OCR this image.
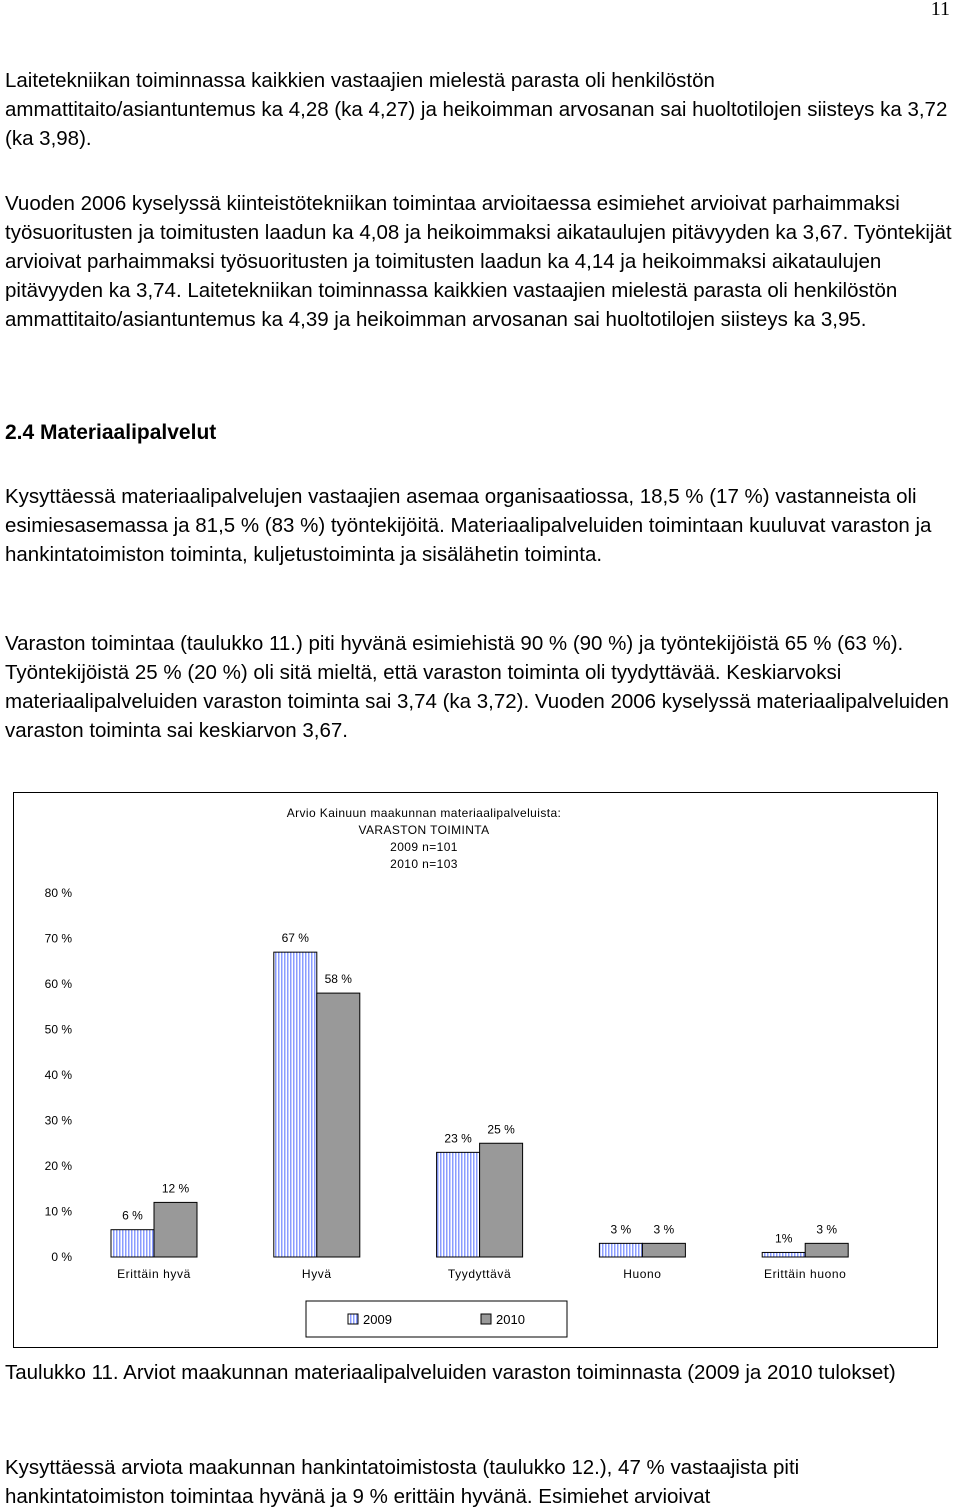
11

Laitetekniikan toiminnassa kaikkien vastaajien mielestä parasta oli henkilöstön ammattitaito/asiantuntemus ka 4,28 (ka 4,27) ja heikoimman arvosanan sai huoltotilojen siisteys ka 3,72 (ka 3,98).

Vuoden 2006 kyselyssä kiinteistötekniikan toimintaa arvioitaessa esimiehet arvioivat parhaimmaksi työsuoritusten ja toimitusten laadun ka 4,08 ja heikoimmaksi aikataulujen pitävyyden ka 3,67. Työntekijät arvioivat parhaimmaksi työsuoritusten ja toimitusten laadun ka 4,14 ja heikoimmaksi aikataulujen pitävyyden ka 3,74. Laitetekniikan toiminnassa kaikkien vastaajien mielestä parasta oli henkilöstön ammattitaito/asiantuntemus ka 4,39 ja heikoimman arvosanan sai huoltotilojen siisteys ka 3,95.

2.4 Materiaalipalvelut

Kysyttäessä materiaalipalvelujen vastaajien asemaa organisaatiossa, 18,5 % (17 %) vastanneista oli esimiesasemassa ja 81,5 % (83 %) työntekijöitä. Materiaalipalveluiden toimintaan kuuluvat varaston ja hankintatoimiston toiminta, kuljetustoiminta ja sisälähetin toiminta.

Varaston toimintaa (taulukko 11.) piti hyvänä esimiehistä 90 % (90 %) ja työntekijöistä 65 % (63 %). Työntekijöistä 25 % (20 %) oli sitä mieltä, että varaston toiminta oli tyydyttävää. Keskiarvoksi materiaalipalveluiden varaston toiminta sai 3,74 (ka 3,72). Vuoden 2006 kyselyssä materiaalipalveluiden varaston toiminta sai keskiarvon 3,67.

Arvio Kainuun maakunnan materiaalipalveluista:
VARASTON TOIMINTA
2009 n=101
2010 n=103
0 %
10 %
20 %
30 %
40 %
50 %
60 %
70 %
80 %
6 %
12 %
Erittäin hyvä
67 %
58 %
Hyvä
23 %
25 %
Tyydyttävä
3 % 3 %
Huono
1%
3 %
Erittäin huono
2009	2010

Taulukko 11. Arviot maakunnan materiaalipalveluiden varaston toiminnasta (2009 ja 2010 tulokset)

Kysyttäessä arviota maakunnan hankintatoimistosta (taulukko 12.), 47 % vastaajista piti hankintatoimiston toimintaa hyvänä ja 9 % erittäin hyvänä. Esimiehet arvioivat
